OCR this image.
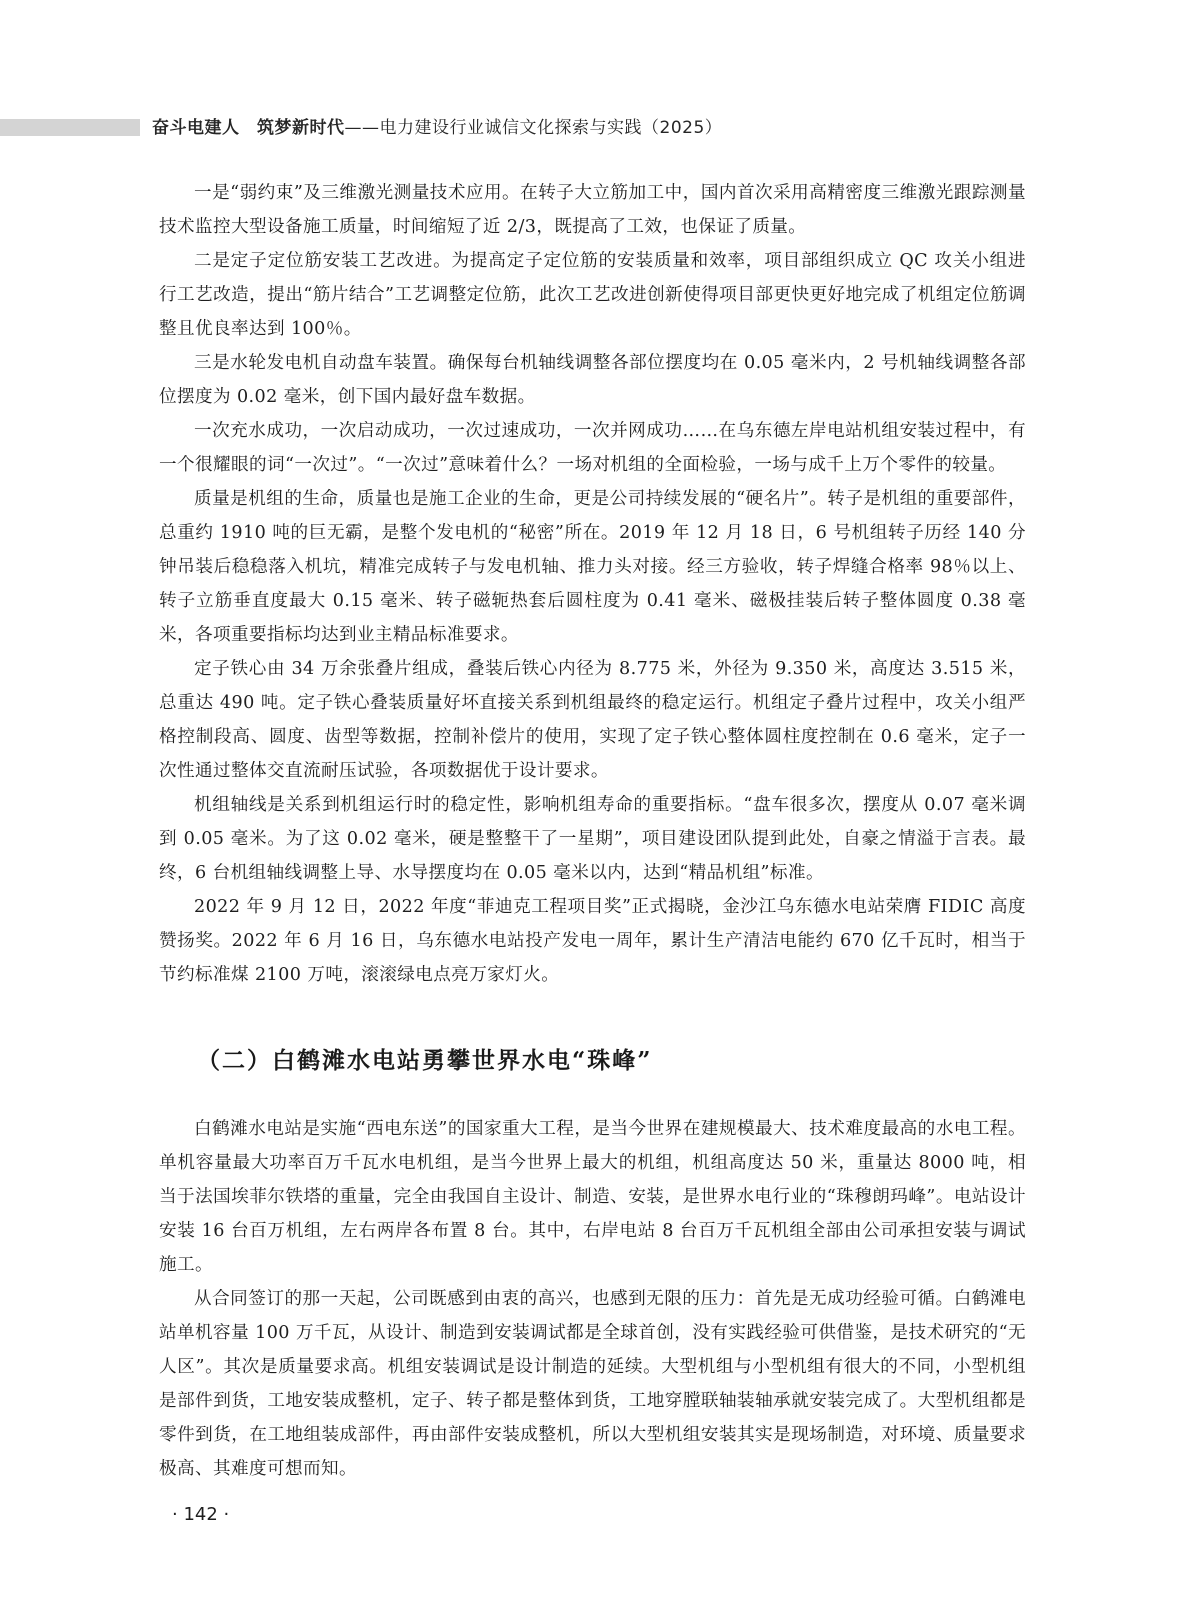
奋斗电建人　筑梦新时代——电力建设行业诚信文化探索与实践（2025）

一是“弱约束”及三维激光测量技术应用。在转子大立筋加工中，国内首次采用高精密度三维激光跟踪测量技术监控大型设备施工质量，时间缩短了近 2/3，既提高了工效，也保证了质量。

二是定子定位筋安装工艺改进。为提高定子定位筋的安装质量和效率，项目部组织成立 QC 攻关小组进行工艺改造，提出“筋片结合”工艺调整定位筋，此次工艺改进创新使得项目部更快更好地完成了机组定位筋调整且优良率达到 100％。

三是水轮发电机自动盘车装置。确保每台机轴线调整各部位摆度均在 0.05 毫米内，2 号机轴线调整各部位摆度为 0.02 毫米，创下国内最好盘车数据。

一次充水成功，一次启动成功，一次过速成功，一次并网成功……在乌东德左岸电站机组安装过程中，有一个很耀眼的词“一次过”。“一次过”意味着什么？一场对机组的全面检验，一场与成千上万个零件的较量。

质量是机组的生命，质量也是施工企业的生命，更是公司持续发展的“硬名片”。转子是机组的重要部件，总重约 1910 吨的巨无霸，是整个发电机的“秘密”所在。2019 年 12 月 18 日，6 号机组转子历经 140 分钟吊装后稳稳落入机坑，精准完成转子与发电机轴、推力头对接。经三方验收，转子焊缝合格率 98％以上、转子立筋垂直度最大 0.15 毫米、转子磁轭热套后圆柱度为 0.41 毫米、磁极挂装后转子整体圆度 0.38 毫米，各项重要指标均达到业主精品标准要求。

定子铁心由 34 万余张叠片组成，叠装后铁心内径为 8.775 米，外径为 9.350 米，高度达 3.515 米，总重达 490 吨。定子铁心叠装质量好坏直接关系到机组最终的稳定运行。机组定子叠片过程中，攻关小组严格控制段高、圆度、齿型等数据，控制补偿片的使用，实现了定子铁心整体圆柱度控制在 0.6 毫米，定子一次性通过整体交直流耐压试验，各项数据优于设计要求。

机组轴线是关系到机组运行时的稳定性，影响机组寿命的重要指标。“盘车很多次，摆度从 0.07 毫米调到 0.05 毫米。为了这 0.02 毫米，硬是整整干了一星期”，项目建设团队提到此处，自豪之情溢于言表。最终，6 台机组轴线调整上导、水导摆度均在 0.05 毫米以内，达到“精品机组”标准。

2022 年 9 月 12 日，2022 年度“菲迪克工程项目奖”正式揭晓，金沙江乌东德水电站荣膺 FIDIC 高度赞扬奖。2022 年 6 月 16 日，乌东德水电站投产发电一周年，累计生产清洁电能约 670 亿千瓦时，相当于节约标准煤 2100 万吨，滚滚绿电点亮万家灯火。

（二）白鹤滩水电站勇攀世界水电“珠峰”

白鹤滩水电站是实施“西电东送”的国家重大工程，是当今世界在建规模最大、技术难度最高的水电工程。单机容量最大功率百万千瓦水电机组，是当今世界上最大的机组，机组高度达 50 米，重量达 8000 吨，相当于法国埃菲尔铁塔的重量，完全由我国自主设计、制造、安装，是世界水电行业的“珠穆朗玛峰”。电站设计安装 16 台百万机组，左右两岸各布置 8 台。其中，右岸电站 8 台百万千瓦机组全部由公司承担安装与调试施工。

从合同签订的那一天起，公司既感到由衷的高兴，也感到无限的压力：首先是无成功经验可循。白鹤滩电站单机容量 100 万千瓦，从设计、制造到安装调试都是全球首创，没有实践经验可供借鉴，是技术研究的“无人区”。其次是质量要求高。机组安装调试是设计制造的延续。大型机组与小型机组有很大的不同，小型机组是部件到货，工地安装成整机，定子、转子都是整体到货，工地穿膛联轴装轴承就安装完成了。大型机组都是零件到货，在工地组装成部件，再由部件安装成整机，所以大型机组安装其实是现场制造，对环境、质量要求极高、其难度可想而知。

· 142 ·
